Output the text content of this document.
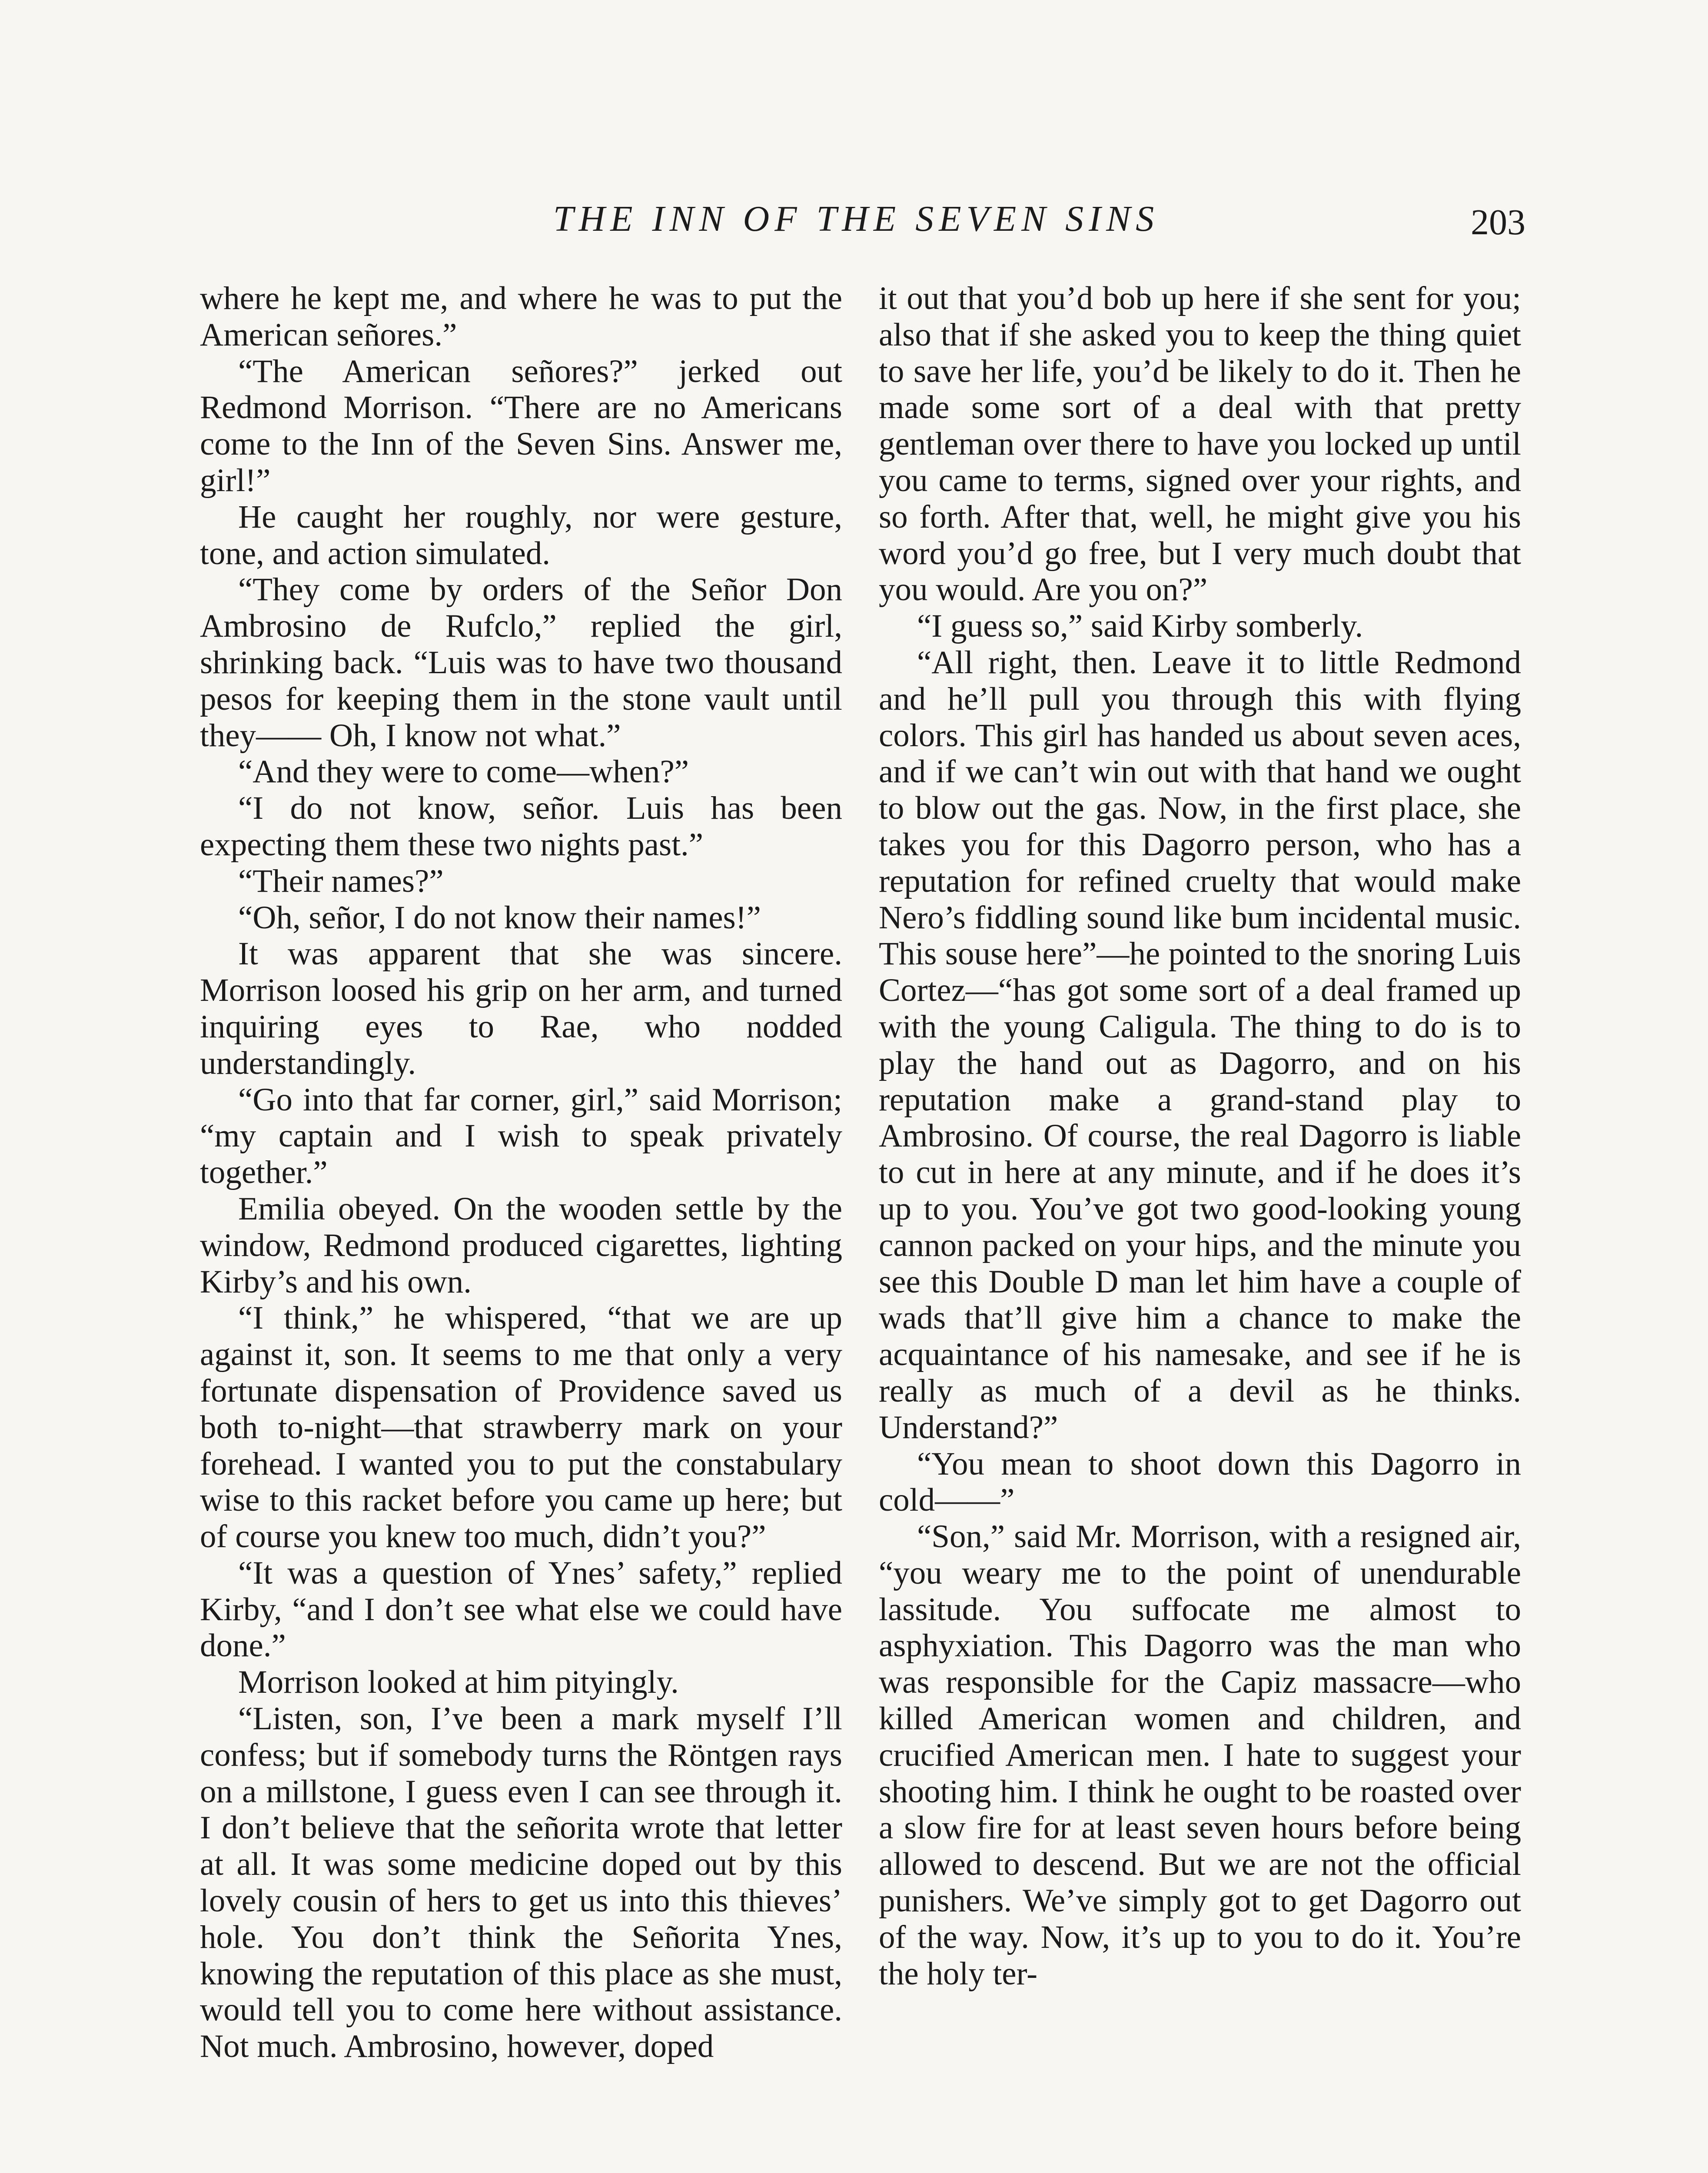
THE INN OF THE SEVEN SINS	203

where he kept me, and where he was to put the American señores.”

“The American señores?” jerked out Redmond Morrison. “There are no Americans come to the Inn of the Seven Sins. Answer me, girl!”

He caught her roughly, nor were gesture, tone, and action simulated.

“They come by orders of the Señor Don Ambrosino de Rufclo,” replied the girl, shrinking back. “Luis was to have two thousand pesos for keeping them in the stone vault until they—— Oh, I know not what.”

“And they were to come—when?”

“I do not know, señor. Luis has been expecting them these two nights past.”

“Their names?”

“Oh, señor, I do not know their names!”

It was apparent that she was sincere. Morrison loosed his grip on her arm, and turned inquiring eyes to Rae, who nodded understandingly.

“Go into that far corner, girl,” said Morrison; “my captain and I wish to speak privately together.”

Emilia obeyed. On the wooden settle by the window, Redmond produced cigarettes, lighting Kirby’s and his own.

“I think,” he whispered, “that we are up against it, son. It seems to me that only a very fortunate dispensation of Providence saved us both to-night—that strawberry mark on your forehead. I wanted you to put the constabulary wise to this racket before you came up here; but of course you knew too much, didn’t you?”

“It was a question of Ynes’ safety,” replied Kirby, “and I don’t see what else we could have done.”

Morrison looked at him pityingly.

“Listen, son, I’ve been a mark myself I’ll confess; but if somebody turns the Röntgen rays on a millstone, I guess even I can see through it. I don’t believe that the señorita wrote that letter at all. It was some medicine doped out by this lovely cousin of hers to get us into this thieves’ hole. You don’t think the Señorita Ynes, knowing the reputation of this place as she must, would tell you to come here without assistance. Not much. Ambrosino, however, doped

it out that you’d bob up here if she sent for you; also that if she asked you to keep the thing quiet to save her life, you’d be likely to do it. Then he made some sort of a deal with that pretty gentleman over there to have you locked up until you came to terms, signed over your rights, and so forth. After that, well, he might give you his word you’d go free, but I very much doubt that you would. Are you on?”

“I guess so,” said Kirby somberly.

“All right, then. Leave it to little Redmond and he’ll pull you through this with flying colors. This girl has handed us about seven aces, and if we can’t win out with that hand we ought to blow out the gas. Now, in the first place, she takes you for this Dagorro person, who has a reputation for refined cruelty that would make Nero’s fiddling sound like bum incidental music. This souse here”—he pointed to the snoring Luis Cortez—“has got some sort of a deal framed up with the young Caligula. The thing to do is to play the hand out as Dagorro, and on his reputation make a grand-stand play to Ambrosino. Of course, the real Dagorro is liable to cut in here at any minute, and if he does it’s up to you. You’ve got two good-looking young cannon packed on your hips, and the minute you see this Double D man let him have a couple of wads that’ll give him a chance to make the acquaintance of his namesake, and see if he is really as much of a devil as he thinks. Understand?”

“You mean to shoot down this Dagorro in cold——”

“Son,” said Mr. Morrison, with a resigned air, “you weary me to the point of unendurable lassitude. You suffocate me almost to asphyxiation. This Dagorro was the man who was responsible for the Capiz massacre—who killed American women and children, and crucified American men. I hate to suggest your shooting him. I think he ought to be roasted over a slow fire for at least seven hours before being allowed to descend. But we are not the official punishers. We’ve simply got to get Dagorro out of the way. Now, it’s up to you to do it. You’re the holy ter-
